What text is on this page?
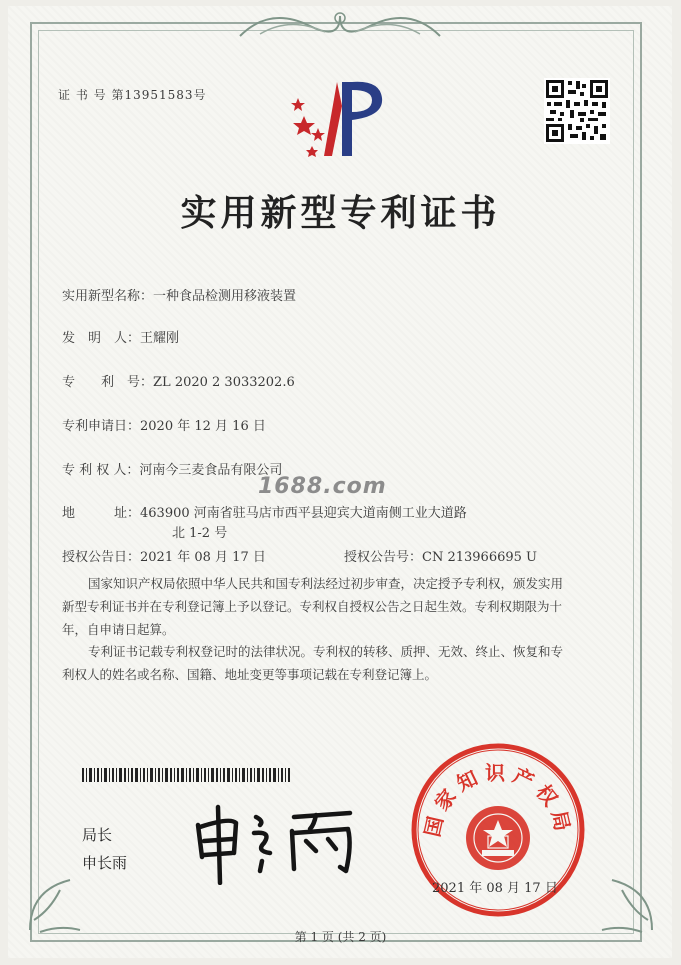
证 书 号 第13951583号
实用新型专利证书
实用新型名称：一种食品检测用移液装置
发　明　人：王耀刚
专　　利　号：ZL 2020 2 3033202.6
专利申请日：2020 年 12 月 16 日
专 利 权 人：河南今三麦食品有限公司
1688.com
地　　　址：463900 河南省驻马店市西平县迎宾大道南侧工业大道路
北 1-2 号
授权公告日：2021 年 08 月 17 日	授权公告号：CN 213966695 U
国家知识产权局依照中华人民共和国专利法经过初步审查，决定授予专利权，颁发实用
新型专利证书并在专利登记簿上予以登记。专利权自授权公告之日起生效。专利权期限为十
年，自申请日起算。
专利证书记载专利权登记时的法律状况。专利权的转移、质押、无效、终止、恢复和专
利权人的姓名或名称、国籍、地址变更等事项记载在专利登记簿上。
局长
申长雨
国家知识产权局
2021 年 08 月 17 日
第 1 页 (共 2 页)
